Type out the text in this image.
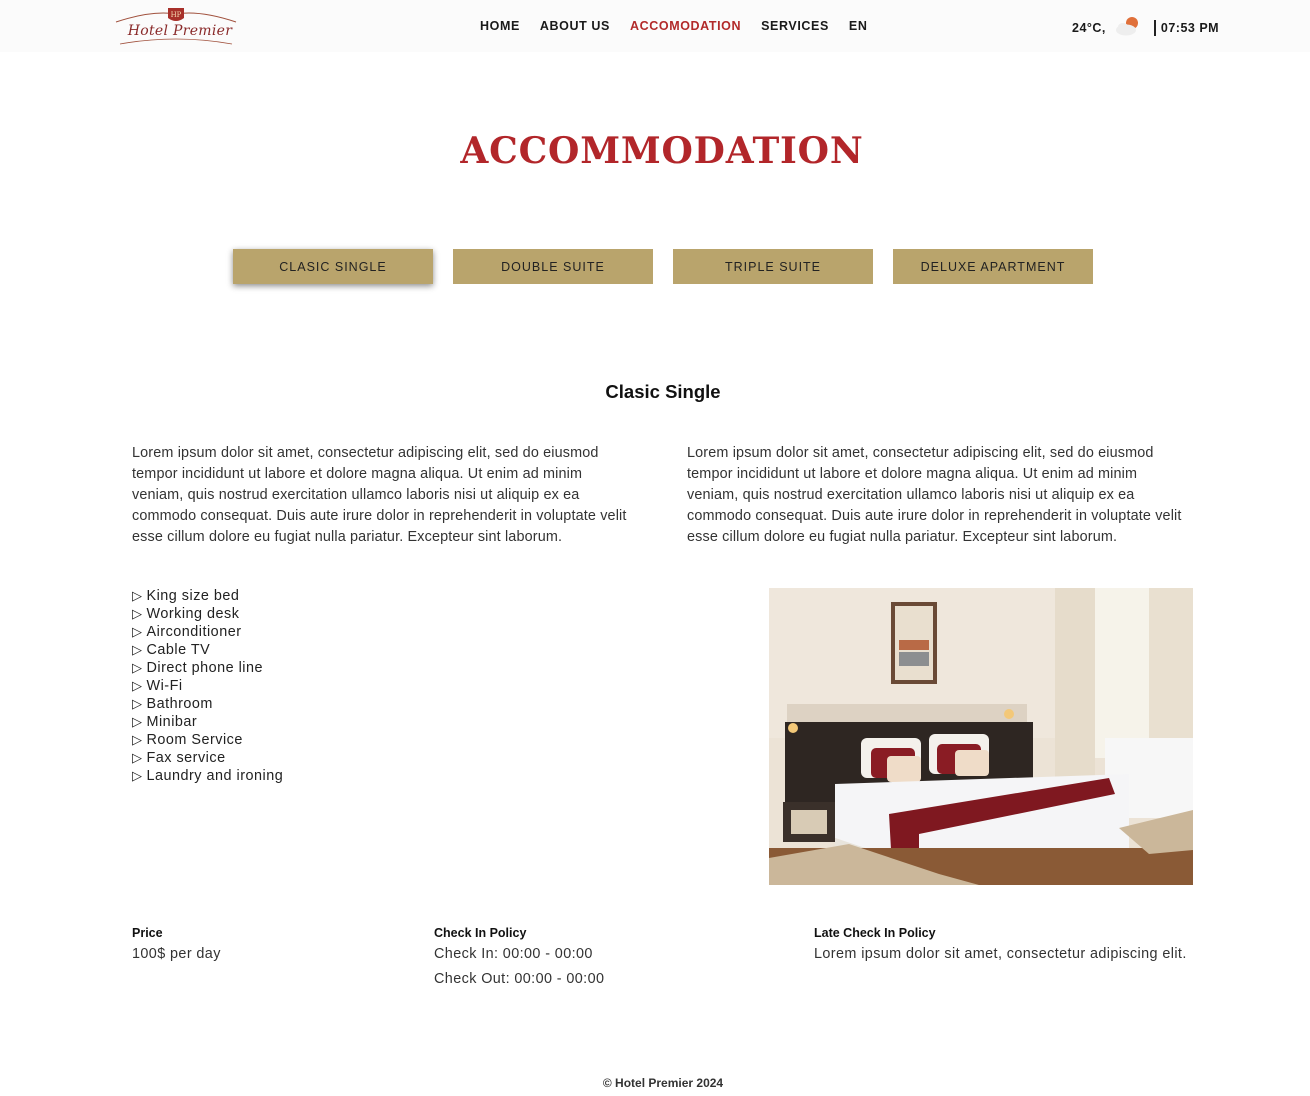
HP
Hotel Premier	HOME ABOUT US ACCOMODATION SERVICES EN	24°C,	07:53 PM
ACCOMMODATION
CLASIC SINGLE	DOUBLE SUITE	TRIPLE SUITE	DELUXE APARTMENT
Clasic Single

Lorem ipsum dolor sit amet, consectetur adipiscing elit, sed do eiusmod tempor incididunt ut labore et dolore magna aliqua. Ut enim ad minim veniam, quis nostrud exercitation ullamco laboris nisi ut aliquip ex ea commodo consequat. Duis aute irure dolor in reprehenderit in voluptate velit esse cillum dolore eu fugiat nulla pariatur. Excepteur sint laborum.

Lorem ipsum dolor sit amet, consectetur adipiscing elit, sed do eiusmod tempor incididunt ut labore et dolore magna aliqua. Ut enim ad minim veniam, quis nostrud exercitation ullamco laboris nisi ut aliquip ex ea commodo consequat. Duis aute irure dolor in reprehenderit in voluptate velit esse cillum dolore eu fugiat nulla pariatur. Excepteur sint laborum.

▷ King size bed
▷ Working desk
▷ Airconditioner
▷ Cable TV
▷ Direct phone line
▷ Wi-Fi
▷ Bathroom
▷ Minibar
▷ Room Service
▷ Fax service
▷ Laundry and ironing
Price
100$ per day
Check In Policy
Check In: 00:00 - 00:00
Check Out: 00:00 - 00:00
Late Check In Policy
Lorem ipsum dolor sit amet, consectetur adipiscing elit.
© Hotel Premier 2024
